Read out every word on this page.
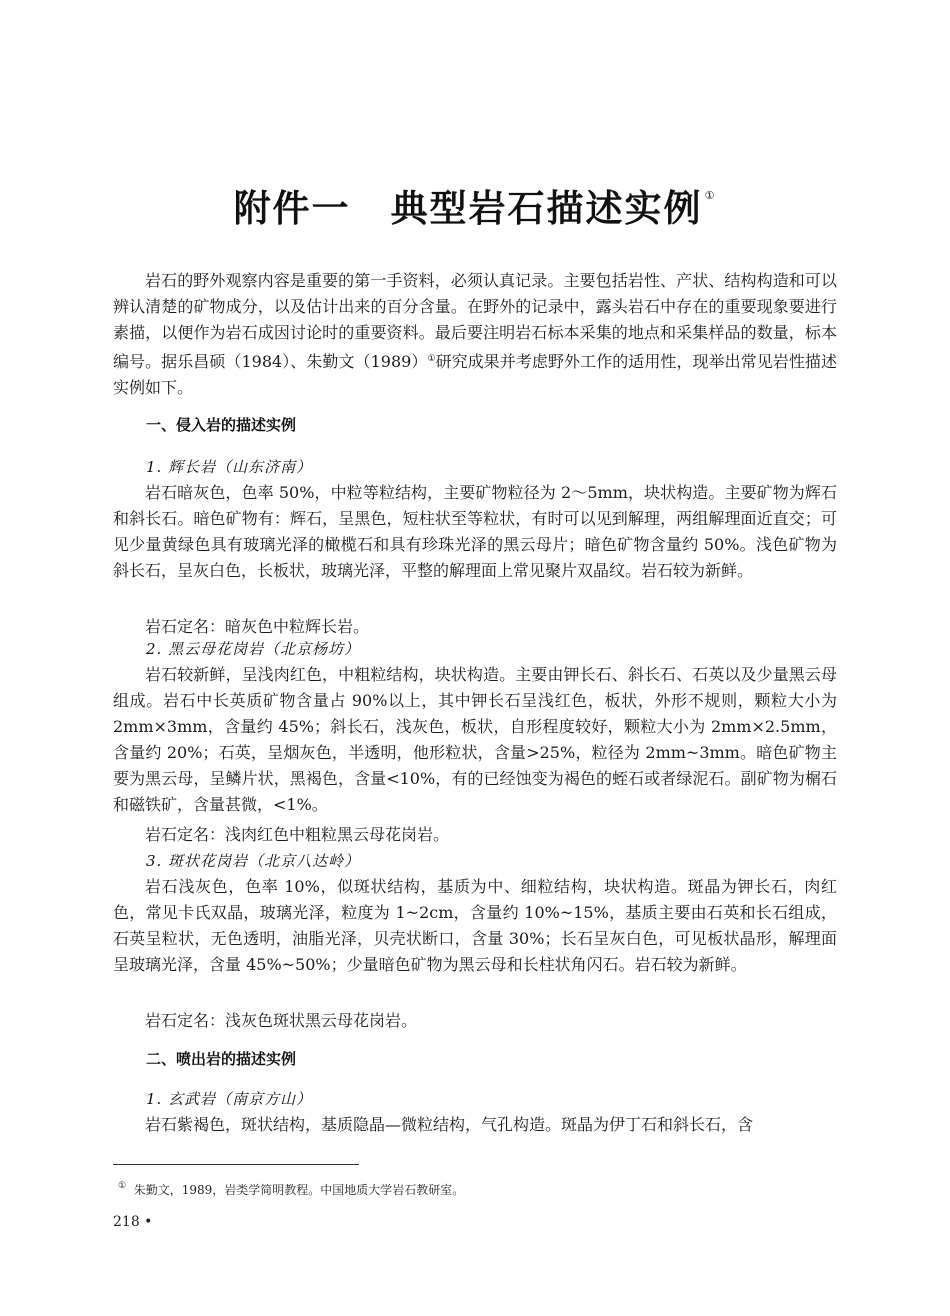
附件一 典型岩石描述实例 ①

岩石的野外观察内容是重要的第一手资料，必须认真记录。主要包括岩性、产状、结构构造和可以辨认清楚的矿物成分，以及估计出来的百分含量。在野外的记录中，露头岩石中存在的重要现象要进行素描，以便作为岩石成因讨论时的重要资料。最后要注明岩石标本采集的地点和采集样品的数量，标本编号。据乐昌硕（1984）、朱勤文（1989）①研究成果并考虑野外工作的适用性，现举出常见岩性描述实例如下。

一、侵入岩的描述实例

1. 辉长岩（山东济南）

岩石暗灰色，色率 50%，中粒等粒结构，主要矿物粒径为 2～5mm，块状构造。主要矿物为辉石和斜长石。暗色矿物有：辉石，呈黑色，短柱状至等粒状，有时可以见到解理，两组解理面近直交；可见少量黄绿色具有玻璃光泽的橄榄石和具有珍珠光泽的黑云母片；暗色矿物含量约 50%。浅色矿物为斜长石，呈灰白色，长板状，玻璃光泽，平整的解理面上常见聚片双晶纹。岩石较为新鲜。

岩石定名：暗灰色中粒辉长岩。

2. 黑云母花岗岩（北京杨坊）

岩石较新鲜，呈浅肉红色，中粗粒结构，块状构造。主要由钾长石、斜长石、石英以及少量黑云母组成。岩石中长英质矿物含量占 90%以上，其中钾长石呈浅红色，板状，外形不规则，颗粒大小为 2mm×3mm，含量约 45%；斜长石，浅灰色，板状，自形程度较好，颗粒大小为 2mm×2.5mm，含量约 20%；石英，呈烟灰色，半透明，他形粒状，含量>25%，粒径为 2mm~3mm。暗色矿物主要为黑云母，呈鳞片状，黑褐色，含量<10%，有的已经蚀变为褐色的蛭石或者绿泥石。副矿物为榍石和磁铁矿，含量甚微，<1%。

岩石定名：浅肉红色中粗粒黑云母花岗岩。

3. 斑状花岗岩（北京八达岭）

岩石浅灰色，色率 10%，似斑状结构，基质为中、细粒结构，块状构造。斑晶为钾长石，肉红色，常见卡氏双晶，玻璃光泽，粒度为 1~2cm，含量约 10%~15%，基质主要由石英和长石组成，石英呈粒状，无色透明，油脂光泽，贝壳状断口，含量 30%；长石呈灰白色，可见板状晶形，解理面呈玻璃光泽，含量 45%~50%；少量暗色矿物为黑云母和长柱状角闪石。岩石较为新鲜。

岩石定名：浅灰色斑状黑云母花岗岩。

二、喷出岩的描述实例

1. 玄武岩（南京方山）

岩石紫褐色，斑状结构，基质隐晶—微粒结构，气孔构造。斑晶为伊丁石和斜长石，含

① 朱勤文，1989，岩类学简明教程。中国地质大学岩石教研室。

218 •
